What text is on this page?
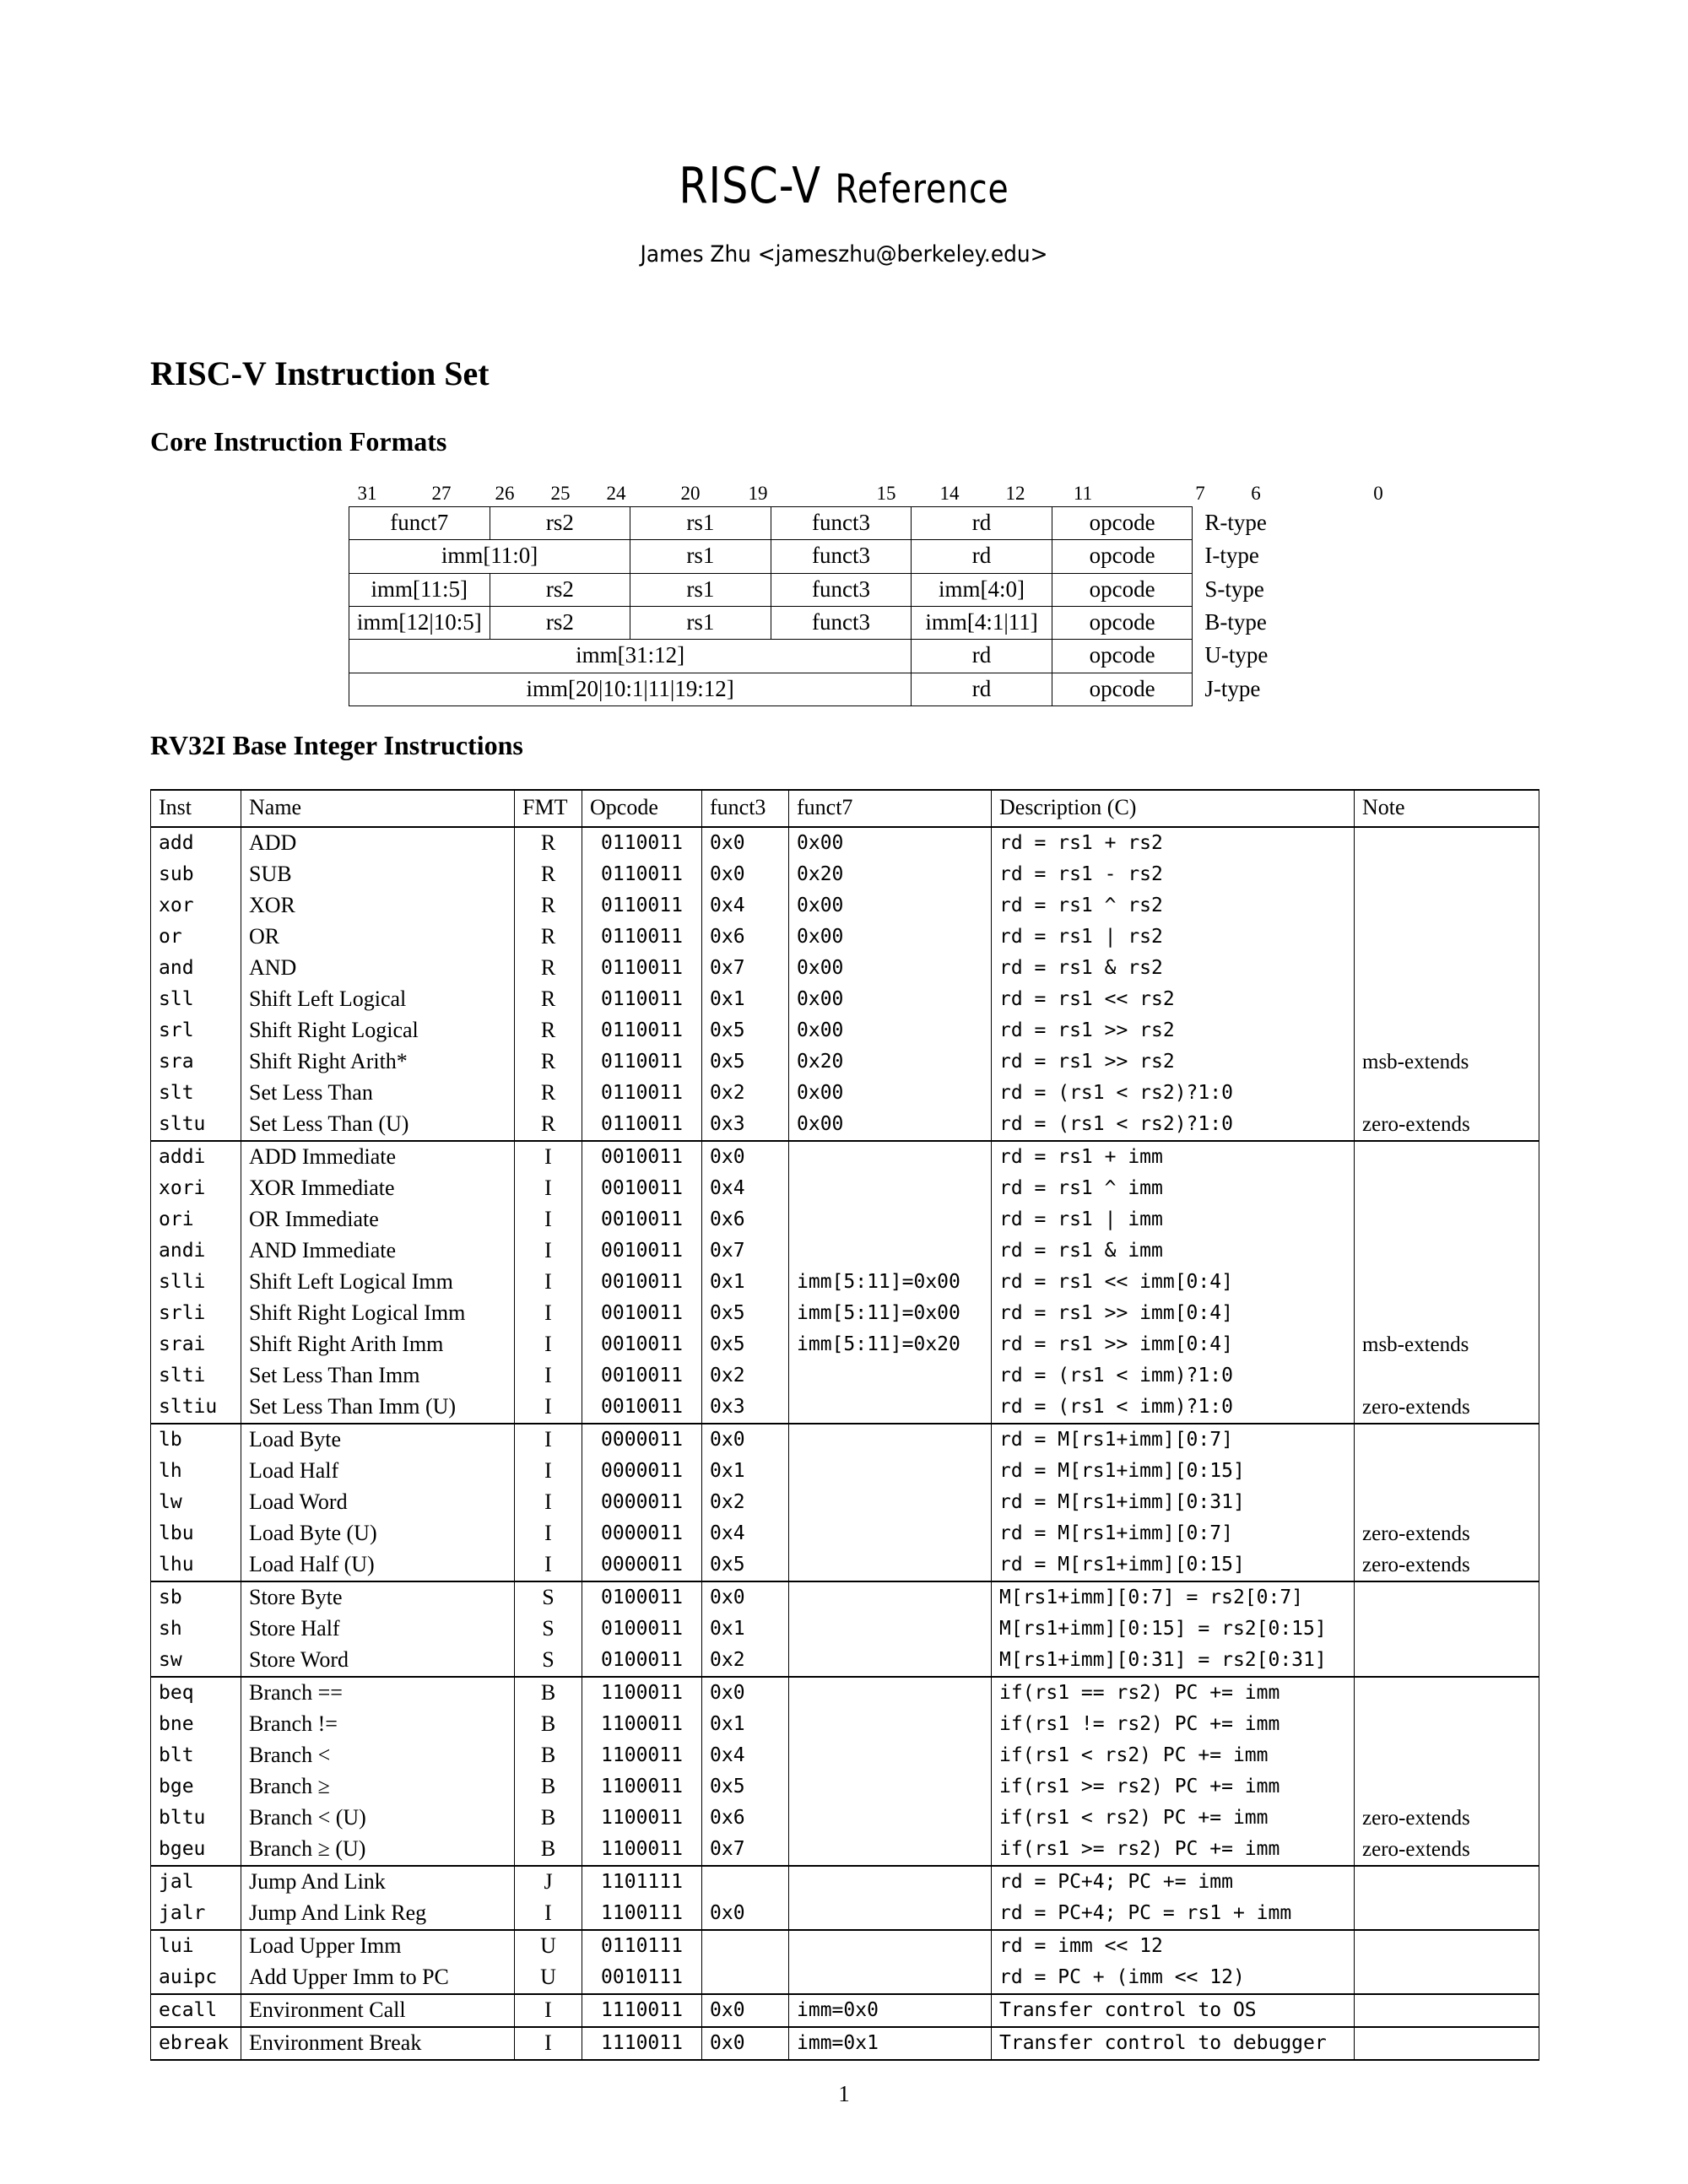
RISC-V Reference
James Zhu <jameszhu@berkeley.edu>
RISC-V Instruction Set
Core Instruction Formats
31	27 26 25 24	20 19	15 14 12 11	7 6	0
funct7	rs2	rs1	funct3	rd	opcode	R-type
imm[11:0]		rs1	funct3	rd	opcode	I-type
imm[11:5]	rs2	rs1	funct3	imm[4:0]	opcode	S-type
imm[12|10:5]	rs2	rs1	funct3	imm[4:1|11]	opcode	B-type
imm[31:12]				rd	opcode	U-type
imm[20|10:1|11|19:12]				rd	opcode	J-type
RV32I Base Integer Instructions
Inst	Name	FMT	Opcode	funct3	funct7	Description (C)	Note
add	ADD	R	0110011	0x0	0x00	rd = rs1 + rs2	
sub	SUB	R	0110011	0x0	0x20	rd = rs1 - rs2	
xor	XOR	R	0110011	0x4	0x00	rd = rs1 ^ rs2	
or	OR	R	0110011	0x6	0x00	rd = rs1 | rs2	
and	AND	R	0110011	0x7	0x00	rd = rs1 & rs2	
sll	Shift Left Logical	R	0110011	0x1	0x00	rd = rs1 << rs2	
srl	Shift Right Logical	R	0110011	0x5	0x00	rd = rs1 >> rs2	
sra	Shift Right Arith*	R	0110011	0x5	0x20	rd = rs1 >> rs2	msb-extends
slt	Set Less Than	R	0110011	0x2	0x00	rd = (rs1 < rs2)?1:0	
sltu	Set Less Than (U)	R	0110011	0x3	0x00	rd = (rs1 < rs2)?1:0	zero-extends
addi	ADD Immediate	I	0010011	0x0		rd = rs1 + imm	
xori	XOR Immediate	I	0010011	0x4		rd = rs1 ^ imm	
ori	OR Immediate	I	0010011	0x6		rd = rs1 | imm	
andi	AND Immediate	I	0010011	0x7		rd = rs1 & imm	
slli	Shift Left Logical Imm	I	0010011	0x1	imm[5:11]=0x00	rd = rs1 << imm[0:4]	
srli	Shift Right Logical Imm	I	0010011	0x5	imm[5:11]=0x00	rd = rs1 >> imm[0:4]	
srai	Shift Right Arith Imm	I	0010011	0x5	imm[5:11]=0x20	rd = rs1 >> imm[0:4]	msb-extends
slti	Set Less Than Imm	I	0010011	0x2		rd = (rs1 < imm)?1:0	
sltiu	Set Less Than Imm (U)	I	0010011	0x3		rd = (rs1 < imm)?1:0	zero-extends
lb	Load Byte	I	0000011	0x0		rd = M[rs1+imm][0:7]	
lh	Load Half	I	0000011	0x1		rd = M[rs1+imm][0:15]	
lw	Load Word	I	0000011	0x2		rd = M[rs1+imm][0:31]	
lbu	Load Byte (U)	I	0000011	0x4		rd = M[rs1+imm][0:7]	zero-extends
lhu	Load Half (U)	I	0000011	0x5		rd = M[rs1+imm][0:15]	zero-extends
sb	Store Byte	S	0100011	0x0		M[rs1+imm][0:7] = rs2[0:7]	
sh	Store Half	S	0100011	0x1		M[rs1+imm][0:15] = rs2[0:15]	
sw	Store Word	S	0100011	0x2		M[rs1+imm][0:31] = rs2[0:31]	
beq	Branch ==	B	1100011	0x0		if(rs1 == rs2) PC += imm	
bne	Branch !=	B	1100011	0x1		if(rs1 != rs2) PC += imm	
blt	Branch <	B	1100011	0x4		if(rs1 < rs2) PC += imm	
bge	Branch ≥	B	1100011	0x5		if(rs1 >= rs2) PC += imm	
bltu	Branch < (U)	B	1100011	0x6		if(rs1 < rs2) PC += imm	zero-extends
bgeu	Branch ≥ (U)	B	1100011	0x7		if(rs1 >= rs2) PC += imm	zero-extends
jal	Jump And Link	J	1101111			rd = PC+4; PC += imm	
jalr	Jump And Link Reg	I	1100111	0x0		rd = PC+4; PC = rs1 + imm	
lui	Load Upper Imm	U	0110111			rd = imm << 12	
auipc	Add Upper Imm to PC	U	0010111			rd = PC + (imm << 12)	
ecall	Environment Call	I	1110011	0x0	imm=0x0	Transfer control to OS	
ebreak	Environment Break	I	1110011	0x0	imm=0x1	Transfer control to debugger	
1
